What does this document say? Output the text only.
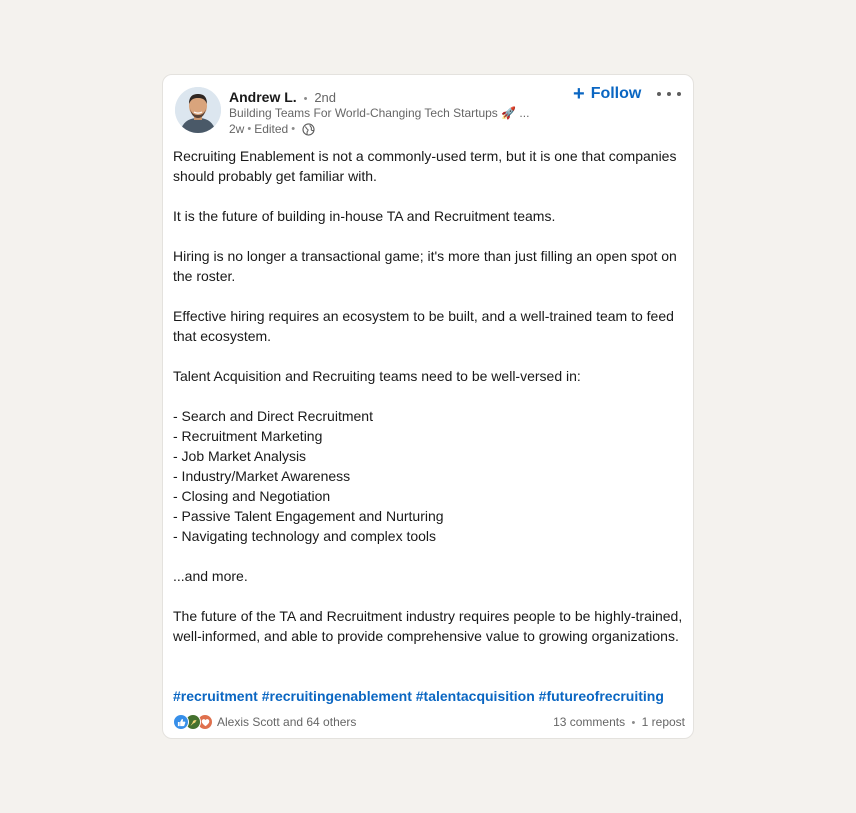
Andrew L. • 2nd
Building Teams For World-Changing Tech Startups 🚀 ...
2w • Edited •
+ Follow

Recruiting Enablement is not a commonly-used term, but it is one that companies should probably get familiar with.

It is the future of building in-house TA and Recruitment teams.

Hiring is no longer a transactional game; it's more than just filling an open spot on the roster.

Effective hiring requires an ecosystem to be built, and a well-trained team to feed that ecosystem.

Talent Acquisition and Recruiting teams need to be well-versed in:

- Search and Direct Recruitment
- Recruitment Marketing
- Job Market Analysis
- Industry/Market Awareness
- Closing and Negotiation
- Passive Talent Engagement and Nurturing
- Navigating technology and complex tools

...and more.

The future of the TA and Recruitment industry requires people to be highly-trained, well-informed, and able to provide comprehensive value to growing organizations.

#recruitment #recruitingenablement #talentacquisition #futureofrecruiting
Alexis Scott and 64 others	13 comments • 1 repost
